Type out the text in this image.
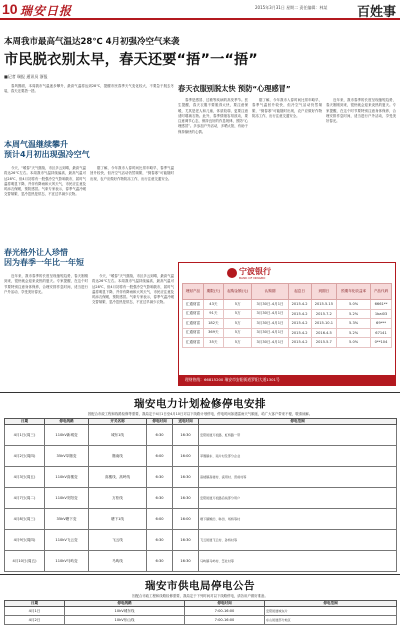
10 瑞安日报	2015年3月31日 星期二 责任编辑：林某 百姓事
本周我市最高气温达28℃ 4月初强冷空气来袭
市民脱衣别太早，春天还要“捂”一“捂”
■记者 瑞报 通讯员 浙报
春风拂面，本周我市气温逐步攀升，最高气温将达到28℃，提醒市民春季天气变化较大，不要急于脱去冬装，春天还要捂一捂。
本周气温继续攀升
预计4月初出现强冷空气
今天，“暖春”天气继续，市区多云到晴，最高气温将达26℃左右。本周我市气温持续偏高，最高气温可达28℃，但4月初将有一股强冷空气影响我市，届时气温将明显下降，并伴有降雨和大风天气，市民应注意及时添衣保暖，预防感冒。气象专家表示，春季气温冷暖交替频繁，忽冷忽热是常态，不宜过早减少衣物。
据了解，今年我市入春时间比常年略早，春季气温回升较快，但冷空气活动仍然频繁，“倒春寒”可能随时出现，农户应做好作物防冻工作，出行注意交通安全。
春光格外让人珍惜
因为春季一年比一年短
近年来，我市春季的长度呈现缩短趋势，春天刚刚到来，很快就会迎来炎热的夏天。专家提醒，在这个时节要特别注意身体保养，合理安排作息时间，适当进行户外活动，享受美好春光。
今天，“暖春”天气继续，市区多云到晴，最高气温将达26℃左右。本周我市气温持续偏高，最高气温可达28℃，但4月初将有一股强冷空气影响我市，届时气温将明显下降，并伴有降雨和大风天气，市民应注意及时添衣保暖，预防感冒。气象专家表示，春季气温冷暖交替频繁，忽冷忽热是常态，不宜过早减少衣物。
春天衣服别脱太快 预防“心理感冒”
春季是感冒、过敏等疾病的高发季节。医生提醒，春天衣服不要脱得太快，要注意保暖，尤其是老人和儿童，体质较弱，更要注意适时增减衣物。此外，春季情绪容易波动，要注意调节心态，保持良好的作息规律，预防“心理感冒”。多参加户外活动，多晒太阳，有助于保持愉快的心情。
据了解，今年我市入春时间比常年略早，春季气温回升较快，但冷空气活动仍然频繁，“倒春寒”可能随时出现，农户应做好作物防冻工作，出行注意交通安全。
近年来，我市春季的长度呈现缩短趋势，春天刚刚到来，很快就会迎来炎热的夏天。专家提醒，在这个时节要特别注意身体保养，合理安排作息时间，适当进行户外活动，享受美好春光。
宁波银行
BANK OF NINGBO
理财产品	期限(天)	起购金额(元)	认购期	起息日	到期日	预期年化收益率	产品代码
汇通财富	43天	5万	3月30日-4月1日	2015.4.2	2015.5.15	5.0%	6661**
汇通财富	91天	5万	3月30日-4月1日	2015.4.2	2015.7.2	5.2%	1bai03
汇通财富	182天	5万	3月30日-4月1日	2015.4.2	2015.10.1	5.3%	69***
汇通财富	369天	5万	3月30日-4月1日	2015.4.2	2016.4.5	5.2%	67141
汇通财富	35天	5万	3月30日-4月1日	2015.4.2	2015.5.7	5.0%	0**104
理财热线：66815200 瑞安市安阳街道罗阳大道1301号
瑞安电力计划检修停电安排
因配合市政工程和线路检修等需要，我局定于4月1日至4月10日对以下线路计划停电，停电时间如遇雷雨天气顺延，给广大客户带来不便，敬请谅解。
日期	停电线路	开关名称	停电时间	送电时间	停电范围
4月1日(周三)	110kV新城变	城东1线	6:30	16:30	安阳街道万松路、虹桥路一带
4月2日(周四)	35kV莘塍变	塍南线	6:00	16:00	莘塍镇东、南片村及部分企业
4月3日(周五)	110kV高楼变	高楼线、高岭线	6:30	16:30	高楼镇高楼村、溪坦村、营前村等
4月7日(周二)	110kV安阳变	万松线	6:30	16:30	安阳街道万松路沿线部分用户
4月8日(周三)	35kV塘下变	塘下1线	6:00	16:00	塘下镇鲍田、韩田、场桥等村
4月9日(周四)	110kV飞云变	飞云线	6:30	16:30	飞云街道飞云村、孙桥村等
4月10日(周五)	110kV马屿变	马屿线	6:30	16:30	马屿镇马屿村、篁社村等
瑞安市供电局停电公告
因配合市政工程和线路检修需要，我局定于下列时间对以下线路停电，请各用户做好准备。
日期	停电线路	停电时间	停电范围
4月1日	10kV城东线	7:00-16:00	安阳街道城东片
4月2日	10kV东山线	7:00-16:00	东山街道部分地区
